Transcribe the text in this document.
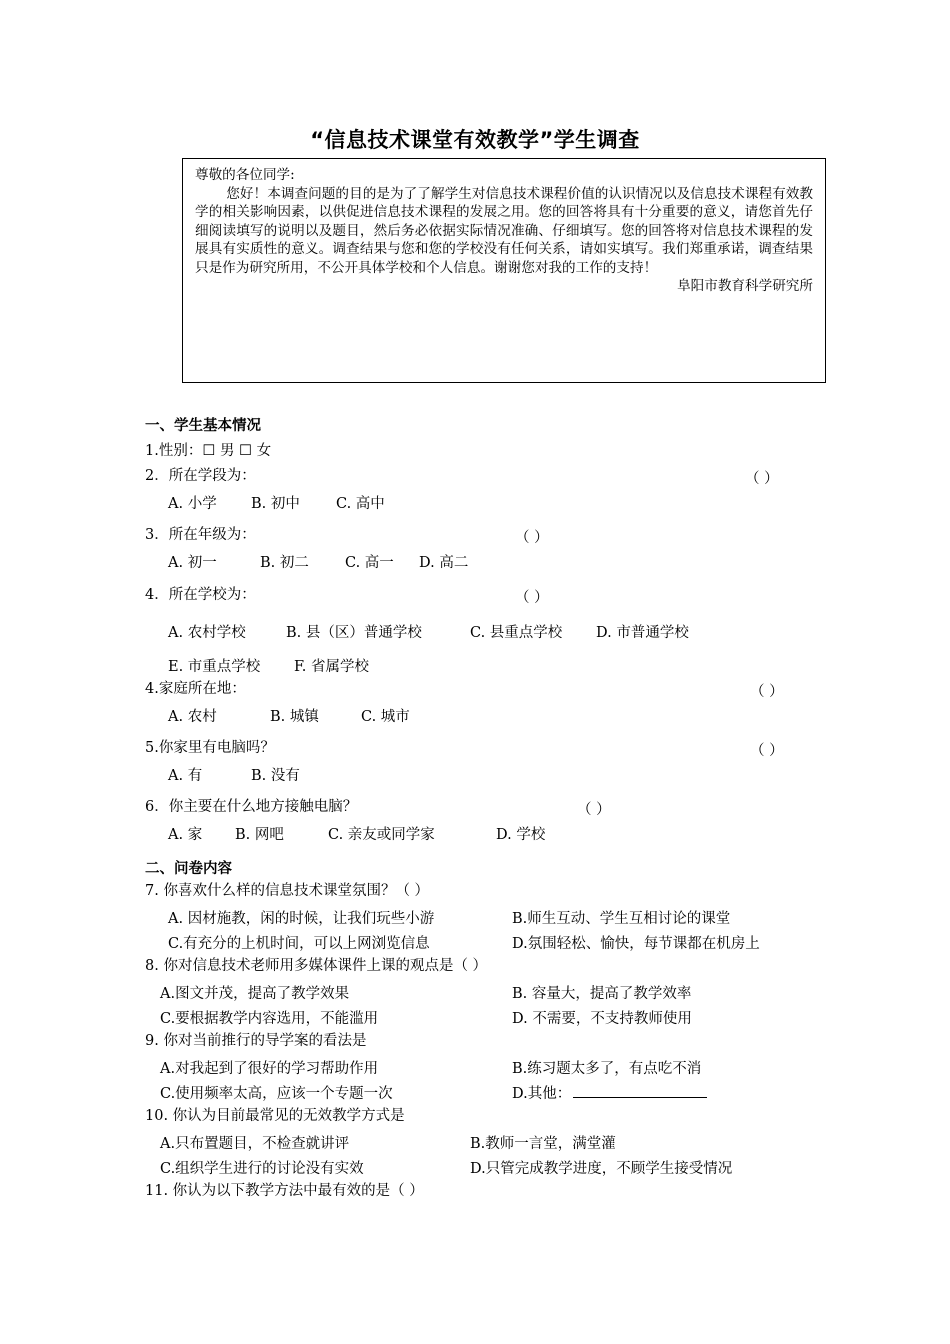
“信息技术课堂有效教学”学生调查
尊敬的各位同学:
您好！本调查问题的目的是为了了解学生对信息技术课程价值的认识情况以及信息技术课程有效教学的相关影响因素，以供促进信息技术课程的发展之用。您的回答将具有十分重要的意义，请您首先仔细阅读填写的说明以及题目，然后务必依据实际情况准确、仔细填写。您的回答将对信息技术课程的发展具有实质性的意义。调查结果与您和您的学校没有任何关系，请如实填写。我们郑重承诺，调查结果只是作为研究所用，不公开具体学校和个人信息。谢谢您对我的工作的支持！
阜阳市教育科学研究所
一、学生基本情况
1.性别：☐ 男 ☐ 女
2．所在学段为：	（ ）
A. 小学 B. 初中 C. 高中
3．所在年级为：	（ ）
A. 初一	B. 初二 C. 高一 D. 高二
4．所在学校为：	（ ）
A. 农村学校	B. 县（区）普通学校	C. 县重点学校 D. 市普通学校
E. 市重点学校 F. 省属学校
4.家庭所在地：	（ ）
A. 农村	B. 城镇	C. 城市
5.你家里有电脑吗？	（ ）
A. 有	B. 没有
6．你主要在什么地方接触电脑？	（ ）
A. 家 B. 网吧	C. 亲友或同学家	D. 学校
二、问卷内容
7. 你喜欢什么样的信息技术课堂氛围？（ ）
A. 因材施教，闲的时候，让我们玩些小游	B.师生互动、学生互相讨论的课堂
C.有充分的上机时间，可以上网浏览信息	D.氛围轻松、愉快，每节课都在机房上
8. 你对信息技术老师用多媒体课件上课的观点是（ ）
A.图文并茂，提高了教学效果	B. 容量大，提高了教学效率
C.要根据教学内容选用，不能滥用	D. 不需要，不支持教师使用
9. 你对当前推行的导学案的看法是
A.对我起到了很好的学习帮助作用	B.练习题太多了，有点吃不消
C.使用频率太高，应该一个专题一次	D.其他：
10. 你认为目前最常见的无效教学方式是
A.只布置题目，不检查就讲评	B.教师一言堂，满堂灌
C.组织学生进行的讨论没有实效	D.只管完成教学进度，不顾学生接受情况
11. 你认为以下教学方法中最有效的是（ ）
